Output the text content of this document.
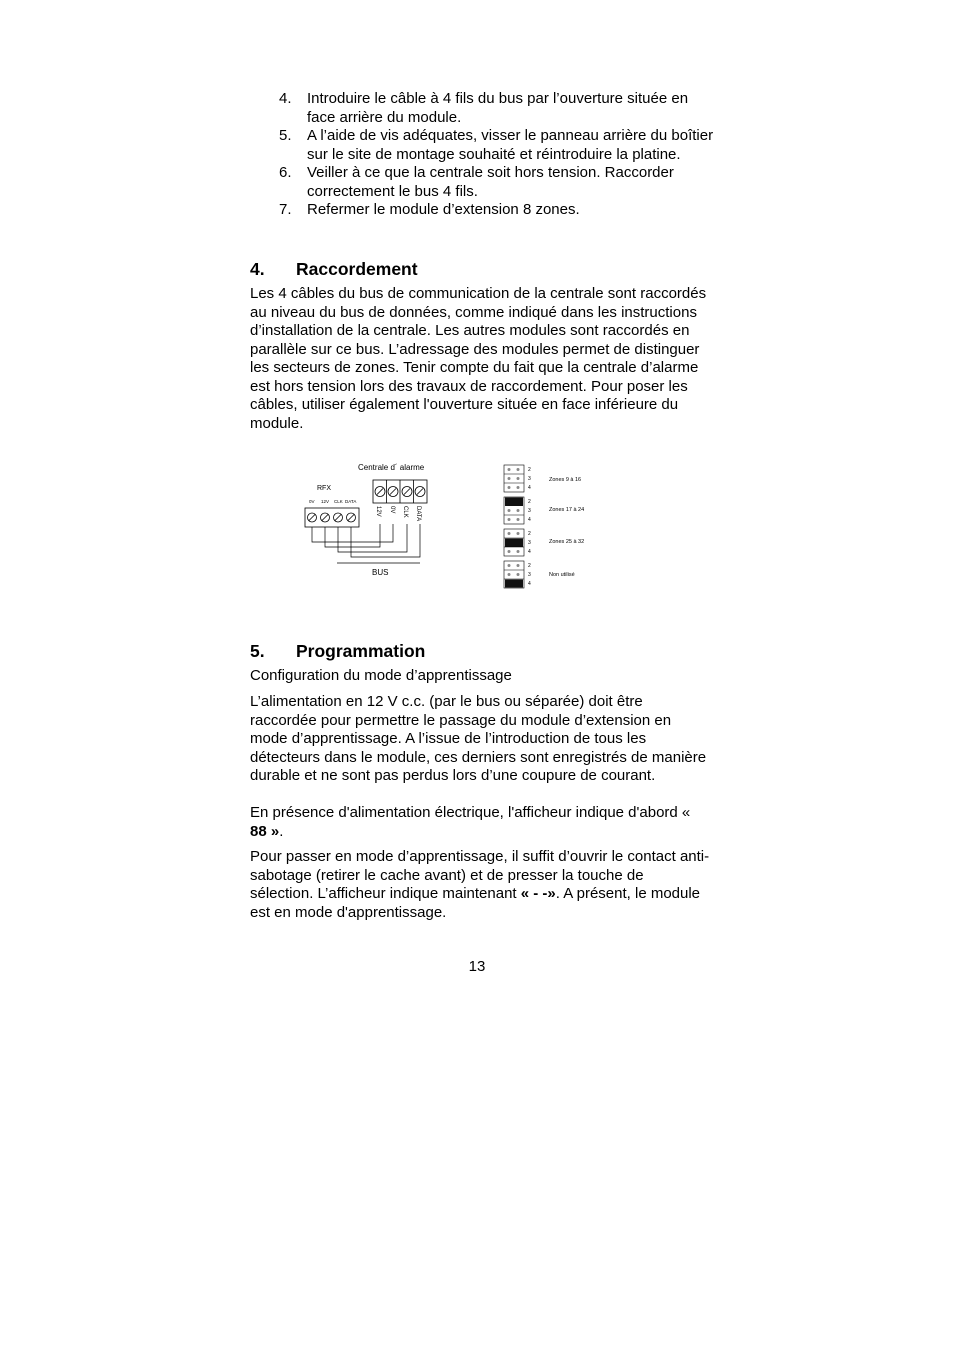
4. Introduire le câble à 4 fils du bus par l’ouverture située en face arrière du module.
5. A l’aide de vis adéquates, visser le panneau arrière du boîtier sur le site de montage souhaité et réintroduire la platine.
6. Veiller à ce que la centrale soit hors tension. Raccorder correctement le bus 4 fils.
7. Refermer le module d’extension 8 zones.
4. Raccordement

Les 4 câbles du bus de communication de la centrale sont raccordés au niveau du bus de données, comme indiqué dans les instructions d’installation de la centrale. Les autres modules sont raccordés en parallèle sur ce bus. L’adressage des modules permet de distinguer les secteurs de zones. Tenir compte du fait que la centrale d’alarme est hors tension lors des travaux de raccordement. Pour poser les câbles, utiliser également l'ouverture située en face inférieure du module.

Centrale d´ alarme
RFX
0V 12V CLK DATA
12V 0V CLK DATA
BUS
2
3
4
Zones 9 à 16
2
3
4
Zones 17 à 24
2
3
4
Zones 25 à 32
2
3
4
Non utilisé
5. Programmation

Configuration du mode d’apprentissage

L’alimentation en 12 V c.c. (par le bus ou séparée) doit être raccordée pour permettre le passage du module d’extension en mode d’apprentissage. A l’issue de l’introduction de tous les détecteurs dans le module, ces derniers sont enregistrés de manière durable et ne sont pas perdus lors d’une coupure de courant.

En présence d'alimentation électrique, l'afficheur indique d'abord « 88 ».

Pour passer en mode d’apprentissage, il suffit d’ouvrir le contact anti-sabotage (retirer le cache avant) et de presser la touche de sélection. L’afficheur indique maintenant « - -». A présent, le module est en mode d'apprentissage.

13
